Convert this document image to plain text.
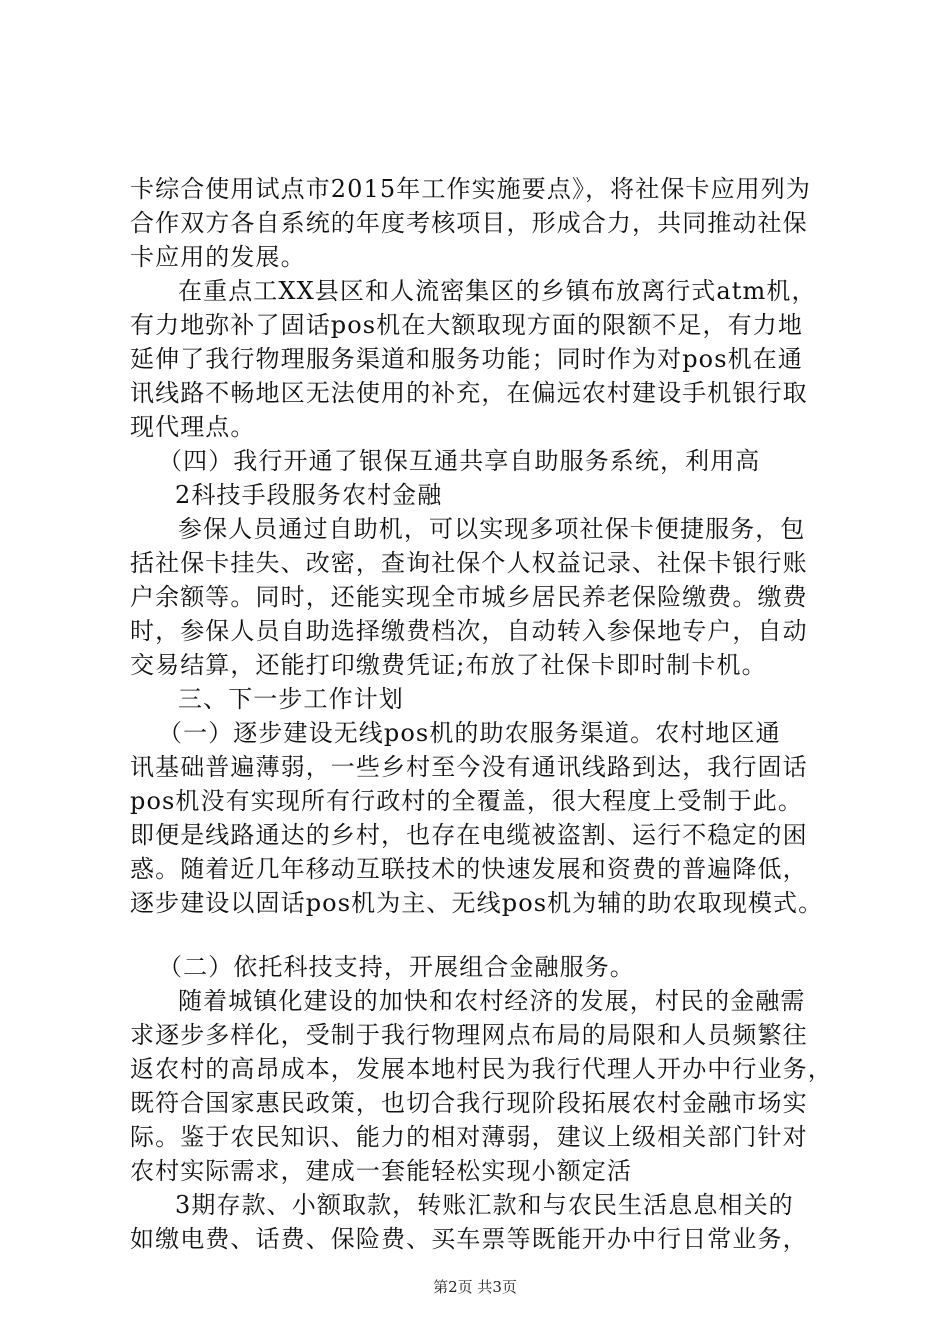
卡综合使用试点市2015年工作实施要点》，将社保卡应用列为
合作双方各自系统的年度考核项目，形成合力，共同推动社保
卡应用的发展。
在重点工XX县区和人流密集区的乡镇布放离行式atm机，
有力地弥补了固话pos机在大额取现方面的限额不足，有力地
延伸了我行物理服务渠道和服务功能；同时作为对pos机在通
讯线路不畅地区无法使用的补充，在偏远农村建设手机银行取
现代理点。
（四）我行开通了银保互通共享自助服务系统，利用高
2科技手段服务农村金融
参保人员通过自助机，可以实现多项社保卡便捷服务，包
括社保卡挂失、改密，查询社保个人权益记录、社保卡银行账
户余额等。同时，还能实现全市城乡居民养老保险缴费。缴费
时，参保人员自助选择缴费档次，自动转入参保地专户，自动
交易结算，还能打印缴费凭证;布放了社保卡即时制卡机。
三、下一步工作计划
（一）逐步建设无线pos机的助农服务渠道。农村地区通
讯基础普遍薄弱，一些乡村至今没有通讯线路到达，我行固话
pos机没有实现所有行政村的全覆盖，很大程度上受制于此。
即便是线路通达的乡村，也存在电缆被盗割、运行不稳定的困
惑。随着近几年移动互联技术的快速发展和资费的普遍降低，
逐步建设以固话pos机为主、无线pos机为辅的助农取现模式。
（二）依托科技支持，开展组合金融服务。
随着城镇化建设的加快和农村经济的发展，村民的金融需
求逐步多样化，受制于我行物理网点布局的局限和人员频繁往
返农村的高昂成本，发展本地村民为我行代理人开办中行业务，
既符合国家惠民政策，也切合我行现阶段拓展农村金融市场实
际。鉴于农民知识、能力的相对薄弱，建议上级相关部门针对
农村实际需求，建成一套能轻松实现小额定活
3期存款、小额取款，转账汇款和与农民生活息息相关的
如缴电费、话费、保险费、买车票等既能开办中行日常业务，
第2页 共3页
